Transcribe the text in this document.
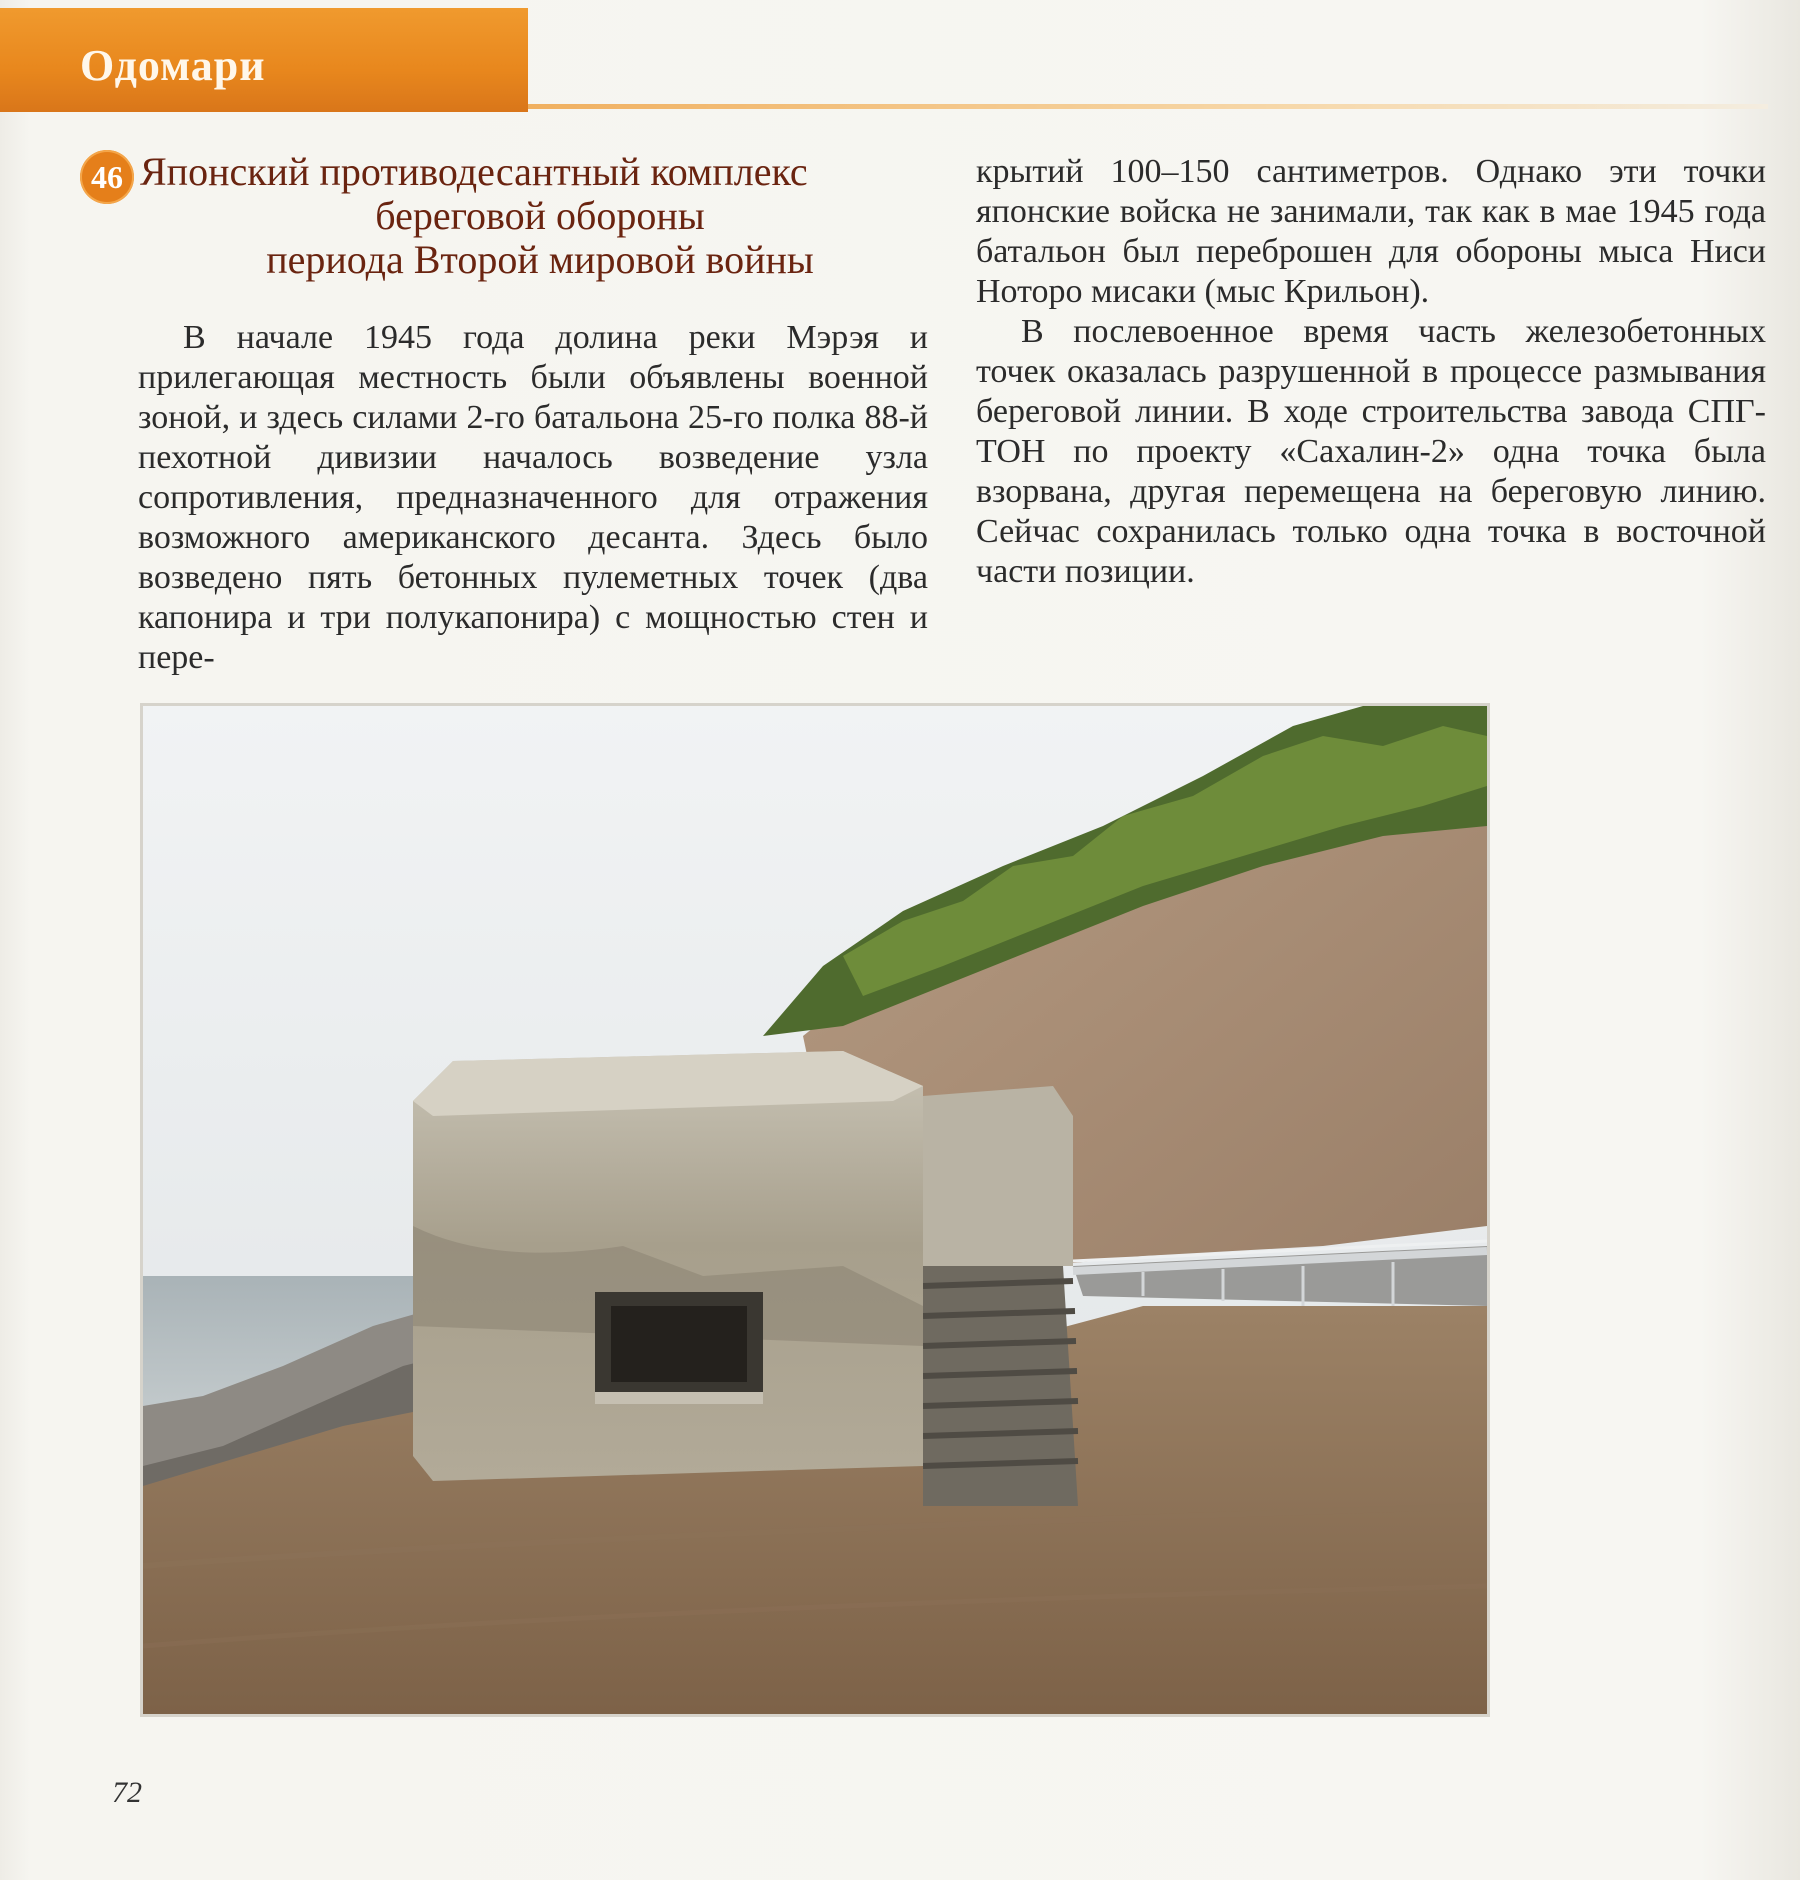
Одомари
46 Японский противодесантный комплекс
береговой обороны
периода Второй мировой войны

В начале 1945 года долина реки Мэрэя и прилегающая местность были объявлены военной зоной, и здесь силами 2-го батальона 25-го полка 88-й пехотной дивизии началось возведение узла сопротивления, предназначенного для отражения возможного американского десанта. Здесь было возведено пять бетонных пулеметных точек (два капонира и три полукапонира) с мощностью стен и пере-

крытий 100–150 сантиметров. Однако эти точки японские войска не занимали, так как в мае 1945 года батальон был переброшен для обороны мыса Ниси Ноторо мисаки (мыс Крильон).

В послевоенное время часть железобетонных точек оказалась разрушенной в процессе размывания береговой линии. В ходе строительства завода СПГ-ТОН по проекту «Сахалин-2» одна точка была взорвана, другая перемещена на береговую линию. Сейчас сохранилась только одна точка в восточной части позиции.

72
